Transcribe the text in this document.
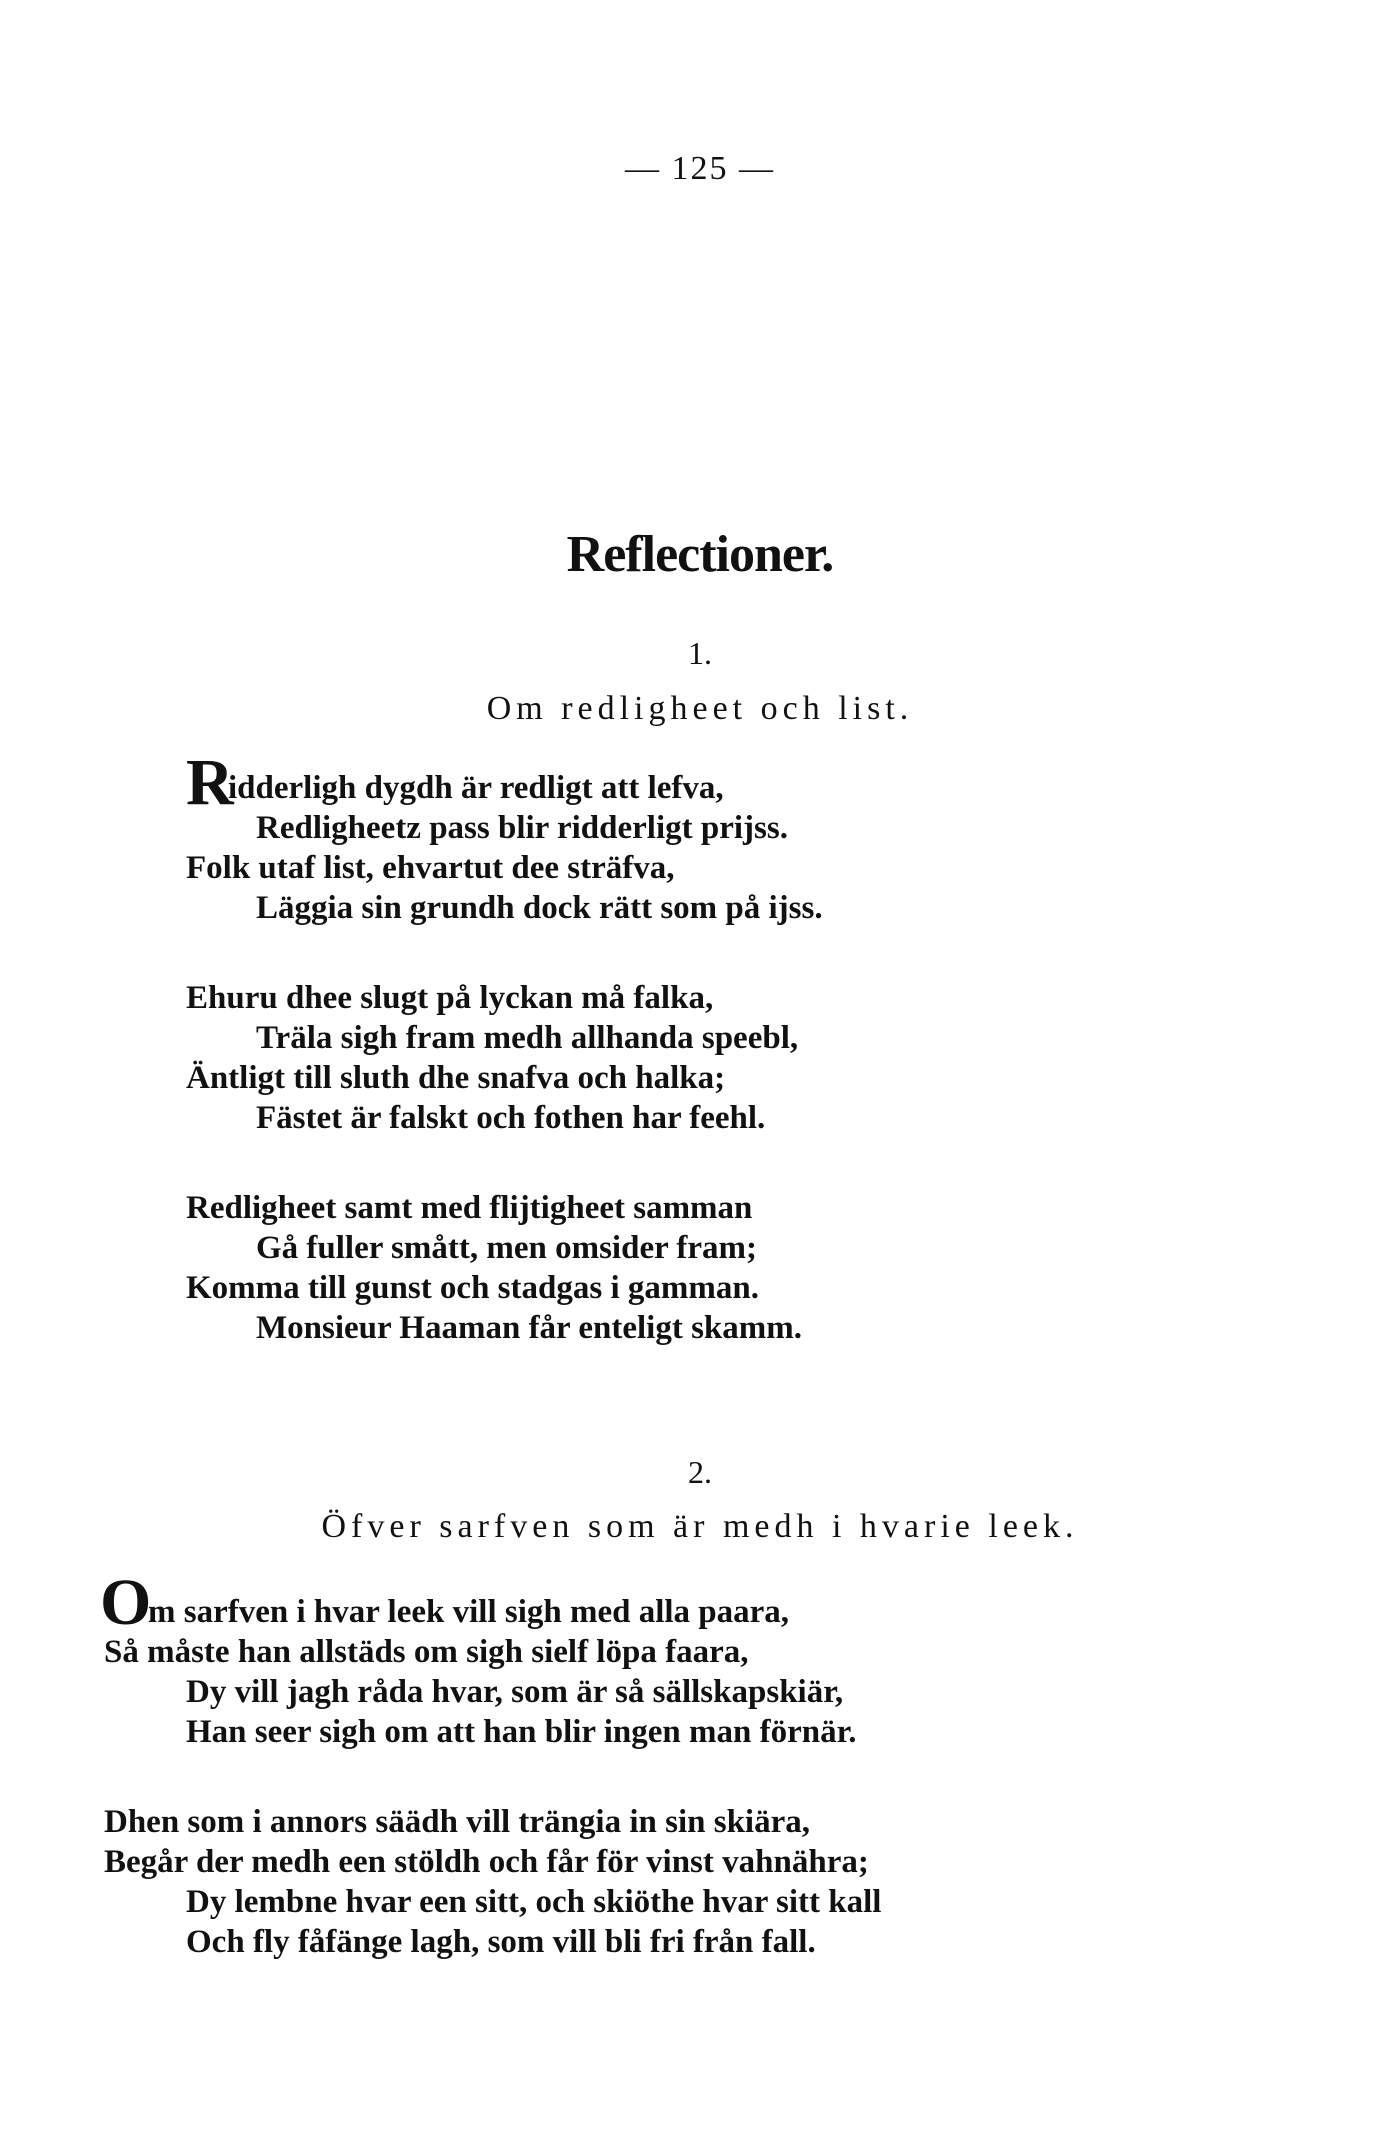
— 125 —
Reflectioner.
1.
Om redligheet och list.
R
idderligh dygdh är redligt att lefva,
Redligheetz pass blir ridderligt prijss.
Folk utaf list, ehvartut dee sträfva,
Läggia sin grundh dock rätt som på ijss.
Ehuru dhee slugt på lyckan må falka,
Träla sigh fram medh allhanda speebl,
Äntligt till sluth dhe snafva och halka;
Fästet är falskt och fothen har feehl.
Redligheet samt med flijtigheet samman
Gå fuller smått, men omsider fram;
Komma till gunst och stadgas i gamman.
Monsieur Haaman får enteligt skamm.
2.
Öfver sarfven som är medh i hvarie leek.
O
m sarfven i hvar leek vill sigh med alla paara,
Så måste han allstäds om sigh sielf löpa faara,
Dy vill jagh råda hvar, som är så sällskapskiär,
Han seer sigh om att han blir ingen man förnär.
Dhen som i annors säädh vill trängia in sin skiära,
Begår der medh een stöldh och får för vinst vahnähra;
Dy lembne hvar een sitt, och skiöthe hvar sitt kall
Och fly fåfänge lagh, som vill bli fri från fall.
